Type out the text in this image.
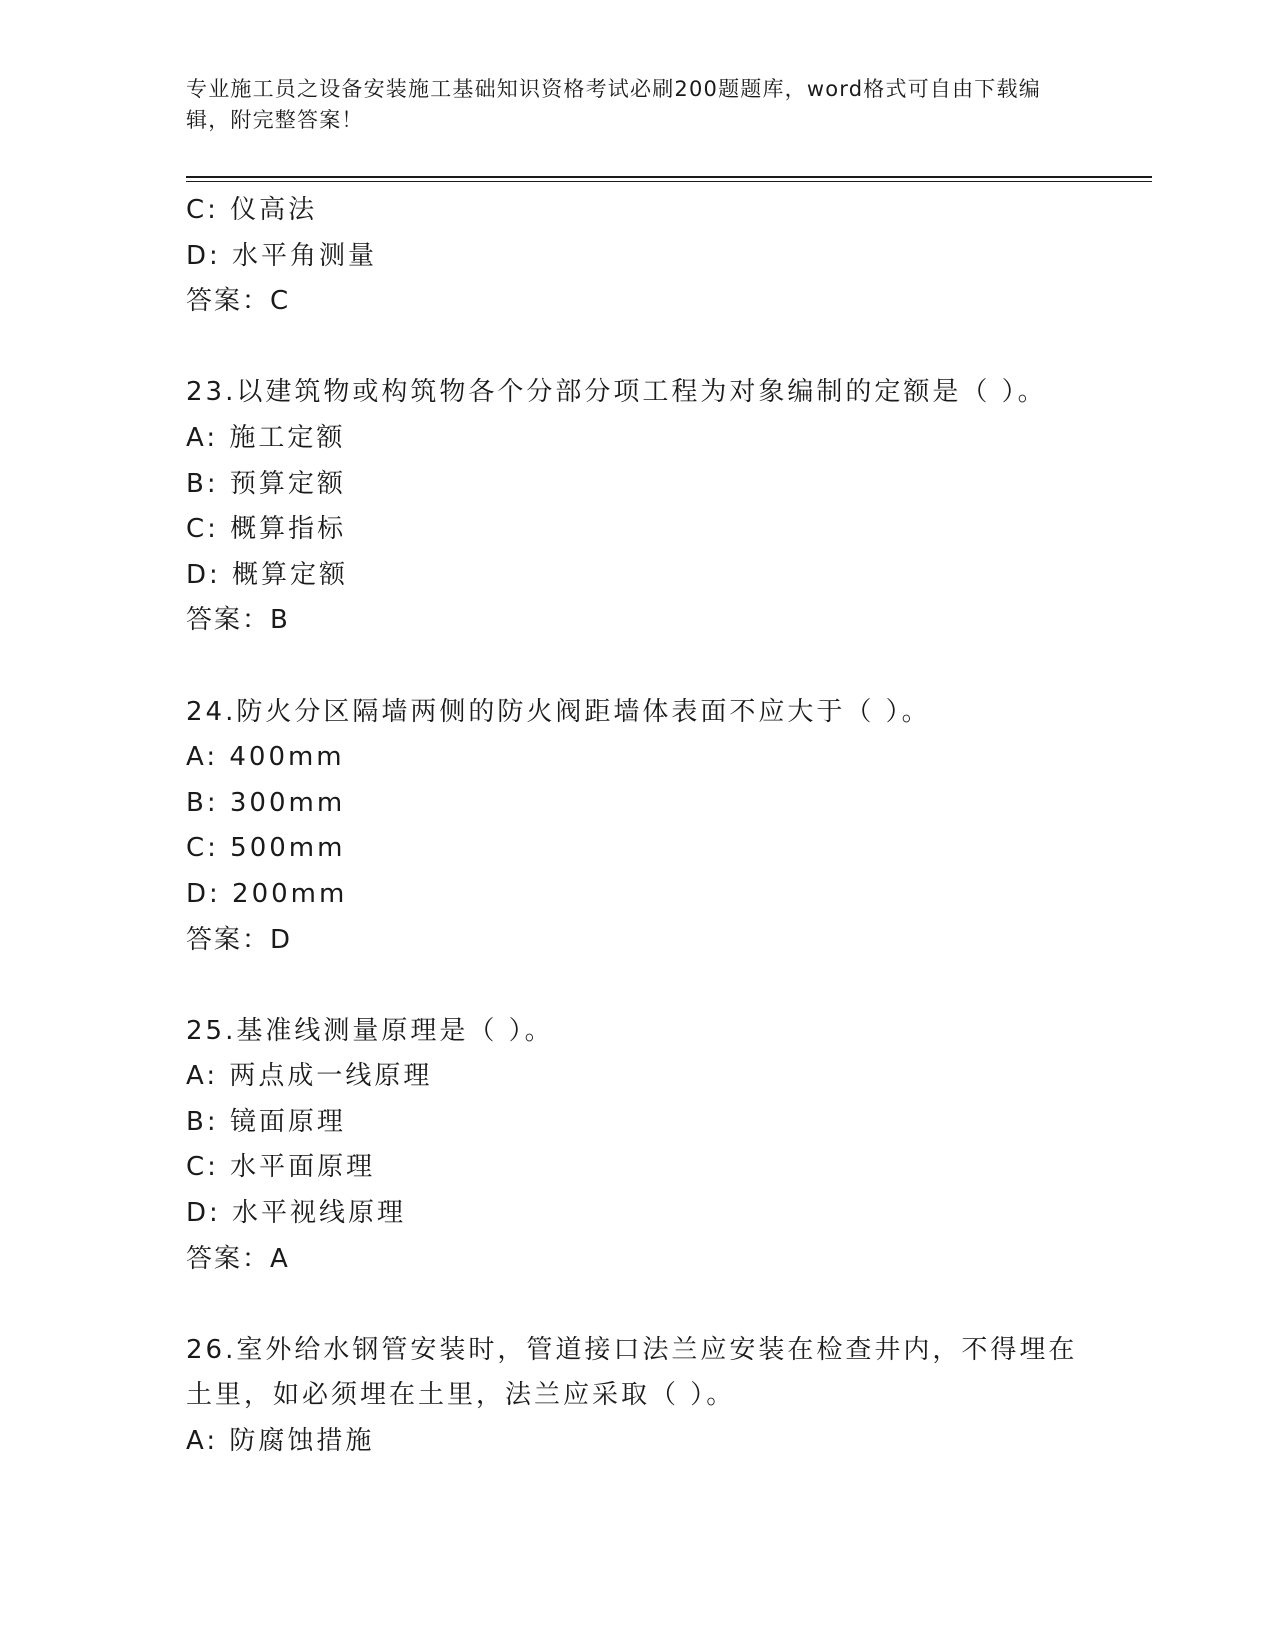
专业施工员之设备安装施工基础知识资格考试必刷200题题库，word格式可自由下载编辑，附完整答案！
C: 仪高法
D: 水平角测量
答案：C
23.以建筑物或构筑物各个分部分项工程为对象编制的定额是（ ）。
A: 施工定额
B: 预算定额
C: 概算指标
D: 概算定额
答案：B
24.防火分区隔墙两侧的防火阀距墙体表面不应大于（ ）。
A: 400mm
B: 300mm
C: 500mm
D: 200mm
答案：D
25.基准线测量原理是（ ）。
A: 两点成一线原理
B: 镜面原理
C: 水平面原理
D: 水平视线原理
答案：A
26.室外给水钢管安装时，管道接口法兰应安装在检查井内，不得埋在土里，如必须埋在土里，法兰应采取（ ）。
A: 防腐蚀措施
